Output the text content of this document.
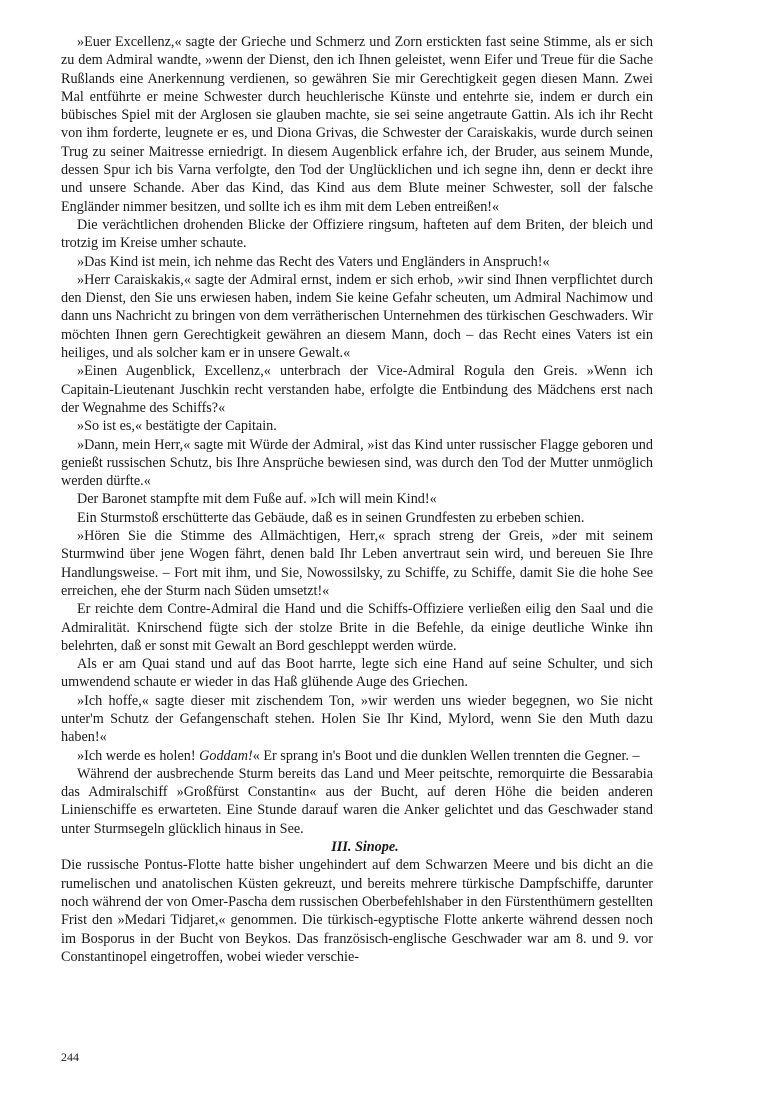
»Euer Excellenz,« sagte der Grieche und Schmerz und Zorn erstickten fast seine Stimme, als er sich zu dem Admiral wandte, »wenn der Dienst, den ich Ihnen geleistet, wenn Eifer und Treue für die Sache Rußlands eine Anerkennung verdienen, so gewähren Sie mir Gerechtigkeit gegen diesen Mann. Zwei Mal entführte er meine Schwester durch heuchlerische Künste und entehrte sie, indem er durch ein bübisches Spiel mit der Arglosen sie glauben machte, sie sei seine angetraute Gattin. Als ich ihr Recht von ihm forderte, leugnete er es, und Diona Grivas, die Schwester der Caraiskakis, wurde durch seinen Trug zu seiner Maitresse erniedrigt. In diesem Augenblick erfahre ich, der Bruder, aus seinem Munde, dessen Spur ich bis Varna verfolgte, den Tod der Unglücklichen und ich segne ihn, denn er deckt ihre und unsere Schande. Aber das Kind, das Kind aus dem Blute meiner Schwester, soll der falsche Engländer nimmer besitzen, und sollte ich es ihm mit dem Leben entreißen!«

Die verächtlichen drohenden Blicke der Offiziere ringsum, hafteten auf dem Briten, der bleich und trotzig im Kreise umher schaute.

»Das Kind ist mein, ich nehme das Recht des Vaters und Engländers in Anspruch!«

»Herr Caraiskakis,« sagte der Admiral ernst, indem er sich erhob, »wir sind Ihnen verpflichtet durch den Dienst, den Sie uns erwiesen haben, indem Sie keine Gefahr scheuten, um Admiral Nachimow und dann uns Nachricht zu bringen von dem verrätherischen Unternehmen des türkischen Geschwaders. Wir möchten Ihnen gern Gerechtigkeit gewähren an diesem Mann, doch – das Recht eines Vaters ist ein heiliges, und als solcher kam er in unsere Gewalt.«

»Einen Augenblick, Excellenz,« unterbrach der Vice-Admiral Rogula den Greis. »Wenn ich Capitain-Lieutenant Juschkin recht verstanden habe, erfolgte die Entbindung des Mädchens erst nach der Wegnahme des Schiffs?«

»So ist es,« bestätigte der Capitain.

»Dann, mein Herr,« sagte mit Würde der Admiral, »ist das Kind unter russischer Flagge geboren und genießt russischen Schutz, bis Ihre Ansprüche bewiesen sind, was durch den Tod der Mutter unmöglich werden dürfte.«

Der Baronet stampfte mit dem Fuße auf. »Ich will mein Kind!«

Ein Sturmstoß erschütterte das Gebäude, daß es in seinen Grundfesten zu erbeben schien.

»Hören Sie die Stimme des Allmächtigen, Herr,« sprach streng der Greis, »der mit seinem Sturmwind über jene Wogen fährt, denen bald Ihr Leben anvertraut sein wird, und bereuen Sie Ihre Handlungsweise. – Fort mit ihm, und Sie, Nowossilsky, zu Schiffe, zu Schiffe, damit Sie die hohe See erreichen, ehe der Sturm nach Süden umsetzt!«

Er reichte dem Contre-Admiral die Hand und die Schiffs-Offiziere verließen eilig den Saal und die Admiralität. Knirschend fügte sich der stolze Brite in die Befehle, da einige deutliche Winke ihn belehrten, daß er sonst mit Gewalt an Bord geschleppt werden würde.

Als er am Quai stand und auf das Boot harrte, legte sich eine Hand auf seine Schulter, und sich umwendend schaute er wieder in das Haß glühende Auge des Griechen.

»Ich hoffe,« sagte dieser mit zischendem Ton, »wir werden uns wieder begegnen, wo Sie nicht unter'm Schutz der Gefangenschaft stehen. Holen Sie Ihr Kind, Mylord, wenn Sie den Muth dazu haben!«

»Ich werde es holen! Goddam!« Er sprang in's Boot und die dunklen Wellen trennten die Gegner. –

Während der ausbrechende Sturm bereits das Land und Meer peitschte, remorquirte die Bessarabia das Admiralschiff »Großfürst Constantin« aus der Bucht, auf deren Höhe die beiden anderen Linienschiffe es erwarteten. Eine Stunde darauf waren die Anker gelichtet und das Geschwader stand unter Sturmsegeln glücklich hinaus in See.

III. Sinope.

Die russische Pontus-Flotte hatte bisher ungehindert auf dem Schwarzen Meere und bis dicht an die rumelischen und anatolischen Küsten gekreuzt, und bereits mehrere türkische Dampfschiffe, darunter noch während der von Omer-Pascha dem russischen Oberbefehlshaber in den Fürstenthümern gestellten Frist den »Medari Tidjaret,« genommen. Die türkisch-egyptische Flotte ankerte während dessen noch im Bosporus in der Bucht von Beykos. Das französisch-englische Geschwader war am 8. und 9. vor Constantinopel eingetroffen, wobei wieder verschie-

244
